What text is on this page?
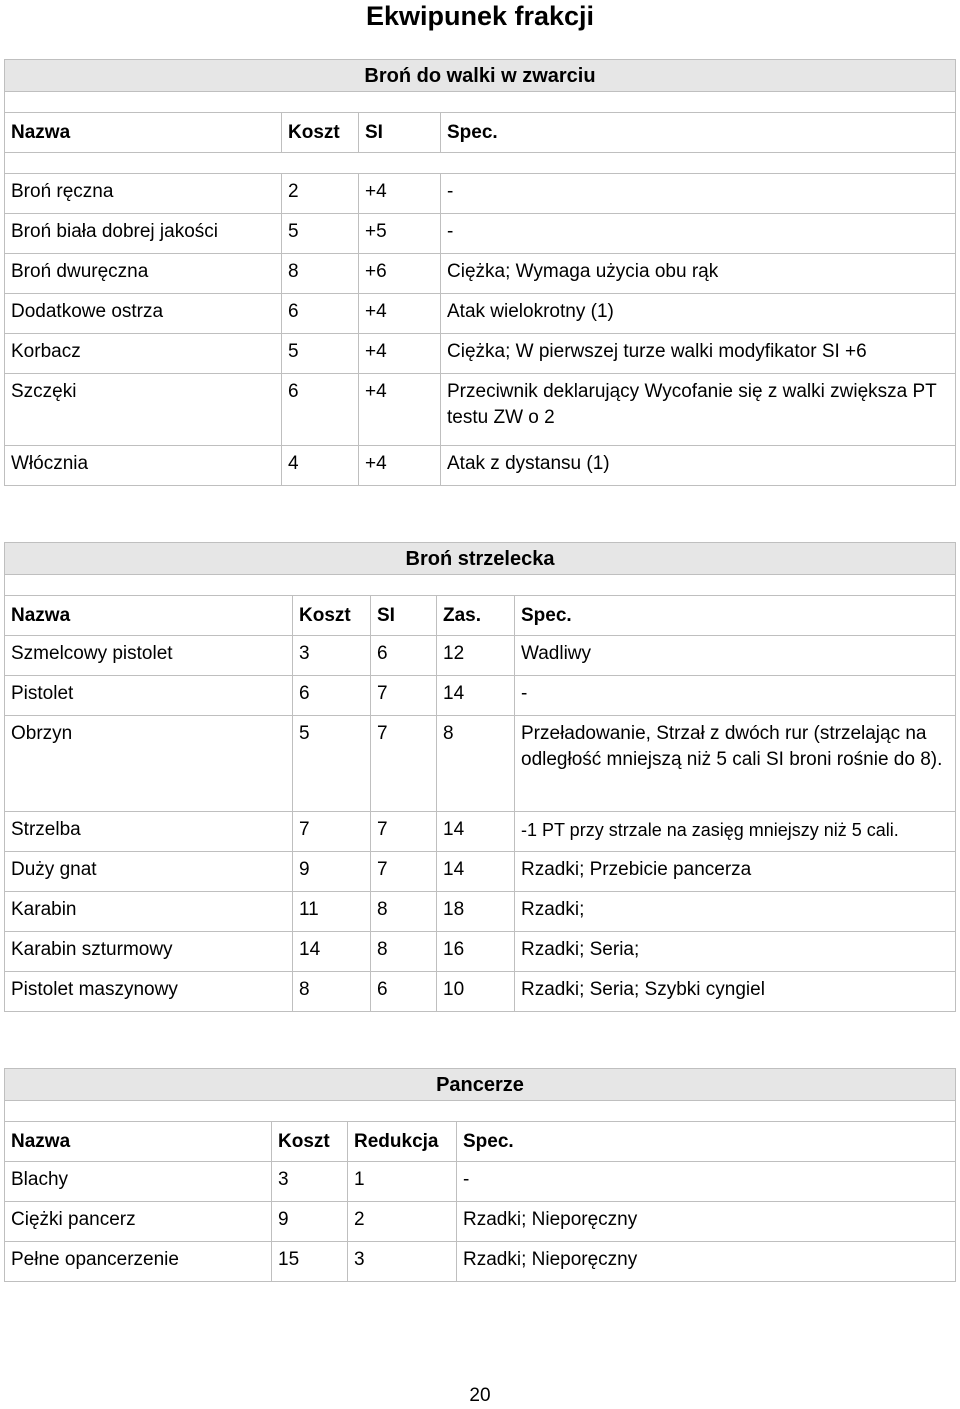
Ekwipunek frakcji
Broń do walki w zwarciu			

Nazwa	Koszt	SI	Spec.

Broń ręczna	2	+4	-
Broń biała dobrej jakości	5	+5	-
Broń dwuręczna	8	+6	Ciężka; Wymaga użycia obu rąk
Dodatkowe ostrza	6	+4	Atak wielokrotny (1)
Korbacz	5	+4	Ciężka; W pierwszej turze walki modyfikator SI +6
Szczęki	6	+4	Przeciwnik deklarujący Wycofanie się z walki zwiększa PT testu ZW o 2
Włócznia	4	+4	Atak z dystansu (1)
Broń strzelecka				

Nazwa	Koszt	SI	Zas.	Spec.
Szmelcowy pistolet	3	6	12	Wadliwy
Pistolet	6	7	14	-
Obrzyn	5	7	8	Przeładowanie, Strzał z dwóch rur (strzelając na odległość mniejszą niż 5 cali SI broni rośnie do 8).
Strzelba	7	7	14	-1 PT przy strzale na zasięg mniejszy niż 5 cali.
Duży gnat	9	7	14	Rzadki; Przebicie pancerza
Karabin	11	8	18	Rzadki;
Karabin szturmowy	14	8	16	Rzadki; Seria;
Pistolet maszynowy	8	6	10	Rzadki; Seria; Szybki cyngiel
Pancerze			

Nazwa	Koszt	Redukcja	Spec.
Blachy	3	1	-
Ciężki pancerz	9	2	Rzadki; Nieporęczny
Pełne opancerzenie	15	3	Rzadki; Nieporęczny
20
